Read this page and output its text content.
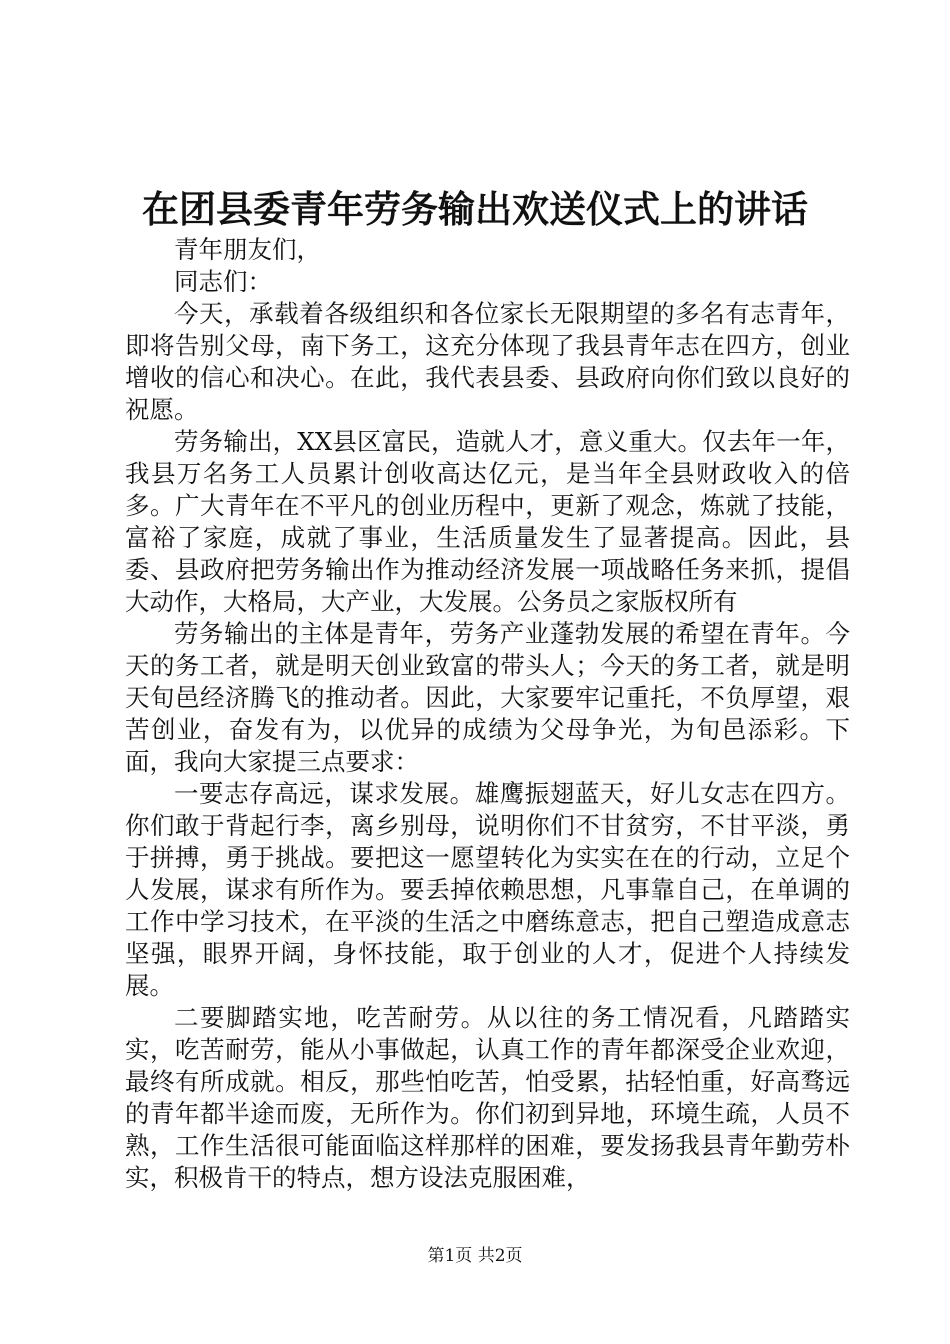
在团县委青年劳务输出欢送仪式上的讲话

青年朋友们，

同志们：

今天，承载着各级组织和各位家长无限期望的多名有志青年，即将告别父母，南下务工，这充分体现了我县青年志在四方，创业增收的信心和决心。在此，我代表县委、县政府向你们致以良好的祝愿。

劳务输出，XX县区富民，造就人才，意义重大。仅去年一年，我县万名务工人员累计创收高达亿元，是当年全县财政收入的倍多。广大青年在不平凡的创业历程中，更新了观念，炼就了技能，富裕了家庭，成就了事业，生活质量发生了显著提高。因此，县委、县政府把劳务输出作为推动经济发展一项战略任务来抓，提倡大动作，大格局，大产业，大发展。公务员之家版权所有

劳务输出的主体是青年，劳务产业蓬勃发展的希望在青年。今天的务工者，就是明天创业致富的带头人；今天的务工者，就是明天旬邑经济腾飞的推动者。因此，大家要牢记重托，不负厚望，艰苦创业，奋发有为，以优异的成绩为父母争光，为旬邑添彩。下面，我向大家提三点要求：

一要志存高远，谋求发展。雄鹰振翅蓝天，好儿女志在四方。你们敢于背起行李，离乡别母，说明你们不甘贫穷，不甘平淡，勇于拼搏，勇于挑战。要把这一愿望转化为实实在在的行动，立足个人发展，谋求有所作为。要丢掉依赖思想，凡事靠自己，在单调的工作中学习技术，在平淡的生活之中磨练意志，把自己塑造成意志坚强，眼界开阔，身怀技能，取于创业的人才，促进个人持续发展。

二要脚踏实地，吃苦耐劳。从以往的务工情况看，凡踏踏实实，吃苦耐劳，能从小事做起，认真工作的青年都深受企业欢迎，最终有所成就。相反，那些怕吃苦，怕受累，拈轻怕重，好高骛远的青年都半途而废，无所作为。你们初到异地，环境生疏，人员不熟，工作生活很可能面临这样那样的困难，要发扬我县青年勤劳朴实，积极肯干的特点，想方设法克服困难，

第1页 共2页
